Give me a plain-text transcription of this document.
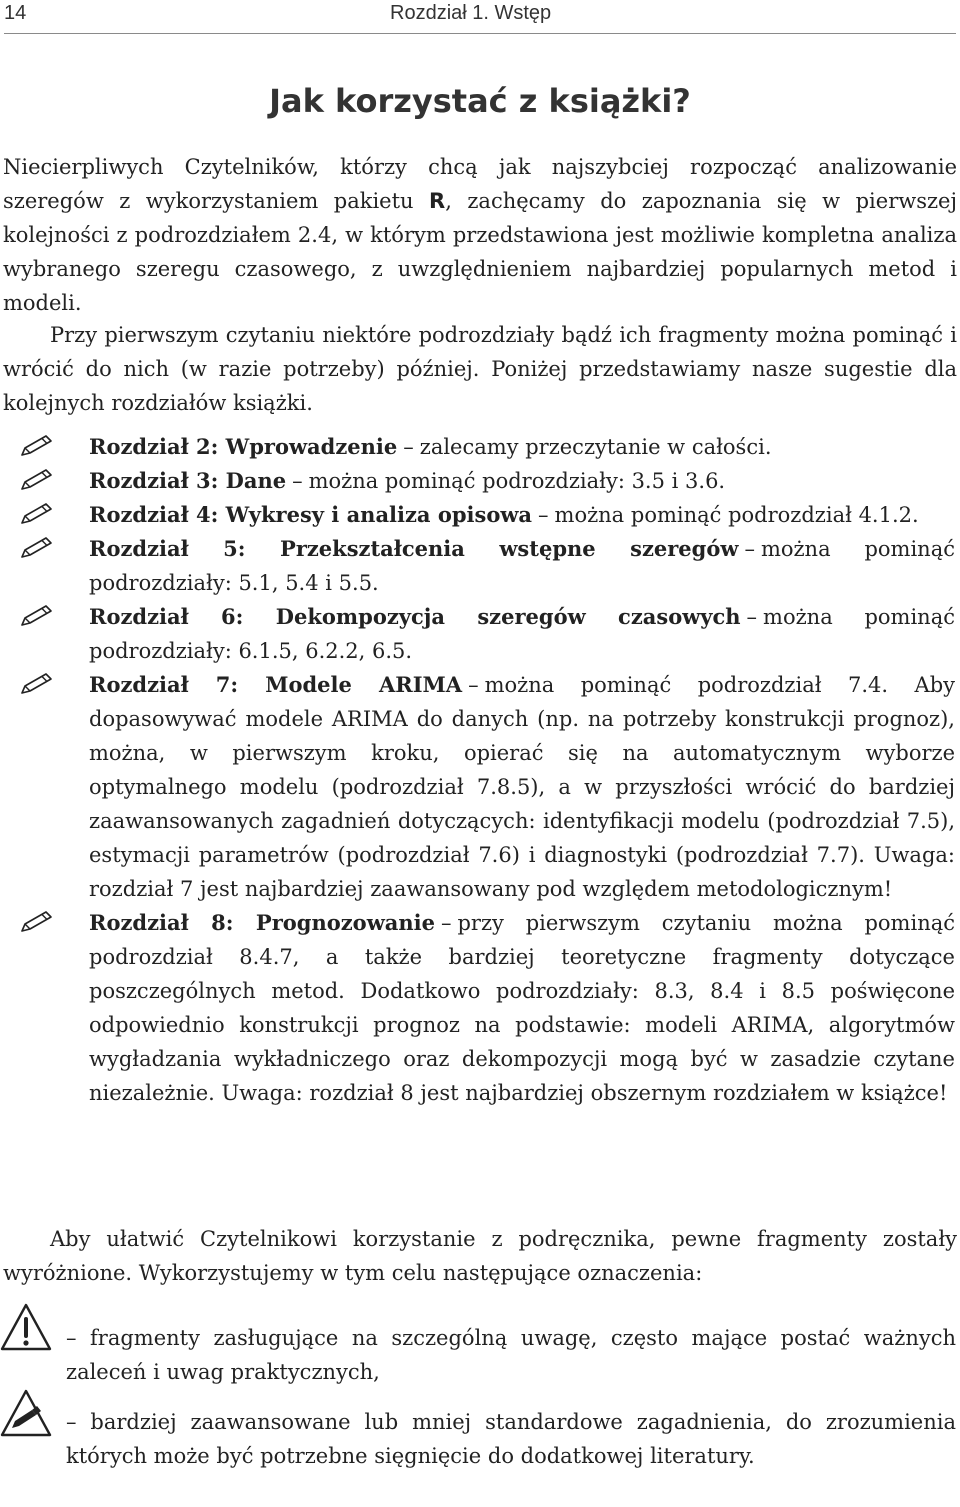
14	Rozdział 1. Wstęp
Jak korzystać z książki?

Niecierpliwych Czytelników, którzy chcą jak najszybciej rozpocząć analizowanie szeregów z wykorzystaniem pakietu R, zachęcamy do zapoznania się w pierwszej kolejności z podrozdziałem 2.4, w którym przedstawiona jest możliwie kompletna analiza wybranego szeregu czasowego, z uwzględnieniem najbardziej popularnych metod i modeli.

Przy pierwszym czytaniu niektóre podrozdziały bądź ich fragmenty można pominąć i wrócić do nich (w razie potrzeby) później. Poniżej przedstawiamy nasze sugestie dla kolejnych rozdziałów książki.

Rozdział 2: Wprowadzenie – zalecamy przeczytanie w całości.
Rozdział 3: Dane – można pominąć podrozdziały: 3.5 i 3.6.
Rozdział 4: Wykresy i analiza opisowa – można pominąć podrozdział 4.1.2.
Rozdział 5: Przekształcenia wstępne szeregów – można pominąć podrozdziały: 5.1, 5.4 i 5.5.
Rozdział 6: Dekompozycja szeregów czasowych – można pominąć podrozdziały: 6.1.5, 6.2.2, 6.5.
Rozdział 7: Modele ARIMA – można pominąć podrozdział 7.4. Aby dopasowywać modele ARIMA do danych (np. na potrzeby konstrukcji prognoz), można, w pierwszym kroku, opierać się na automatycznym wyborze optymalnego modelu (podrozdział 7.8.5), a w przyszłości wrócić do bardziej zaawansowanych zagadnień dotyczących: identyfikacji modelu (podrozdział 7.5), estymacji parametrów (podrozdział 7.6) i diagnostyki (podrozdział 7.7). Uwaga: rozdział 7 jest najbardziej zaawansowany pod względem metodologicznym!
Rozdział 8: Prognozowanie – przy pierwszym czytaniu można pominąć podrozdział 8.4.7, a także bardziej teoretyczne fragmenty dotyczące poszczególnych metod. Dodatkowo podrozdziały: 8.3, 8.4 i 8.5 poświęcone odpowiednio konstrukcji prognoz na podstawie: modeli ARIMA, algorytmów wygładzania wykładniczego oraz dekompozycji mogą być w zasadzie czytane niezależnie. Uwaga: rozdział 8 jest najbardziej obszernym rozdziałem w książce!

Aby ułatwić Czytelnikowi korzystanie z podręcznika, pewne fragmenty zostały wyróżnione. Wykorzystujemy w tym celu następujące oznaczenia:

– fragmenty zasługujące na szczególną uwagę, często mające postać ważnych zaleceń i uwag praktycznych,
– bardziej zaawansowane lub mniej standardowe zagadnienia, do zrozumienia których może być potrzebne sięgnięcie do dodatkowej literatury.
